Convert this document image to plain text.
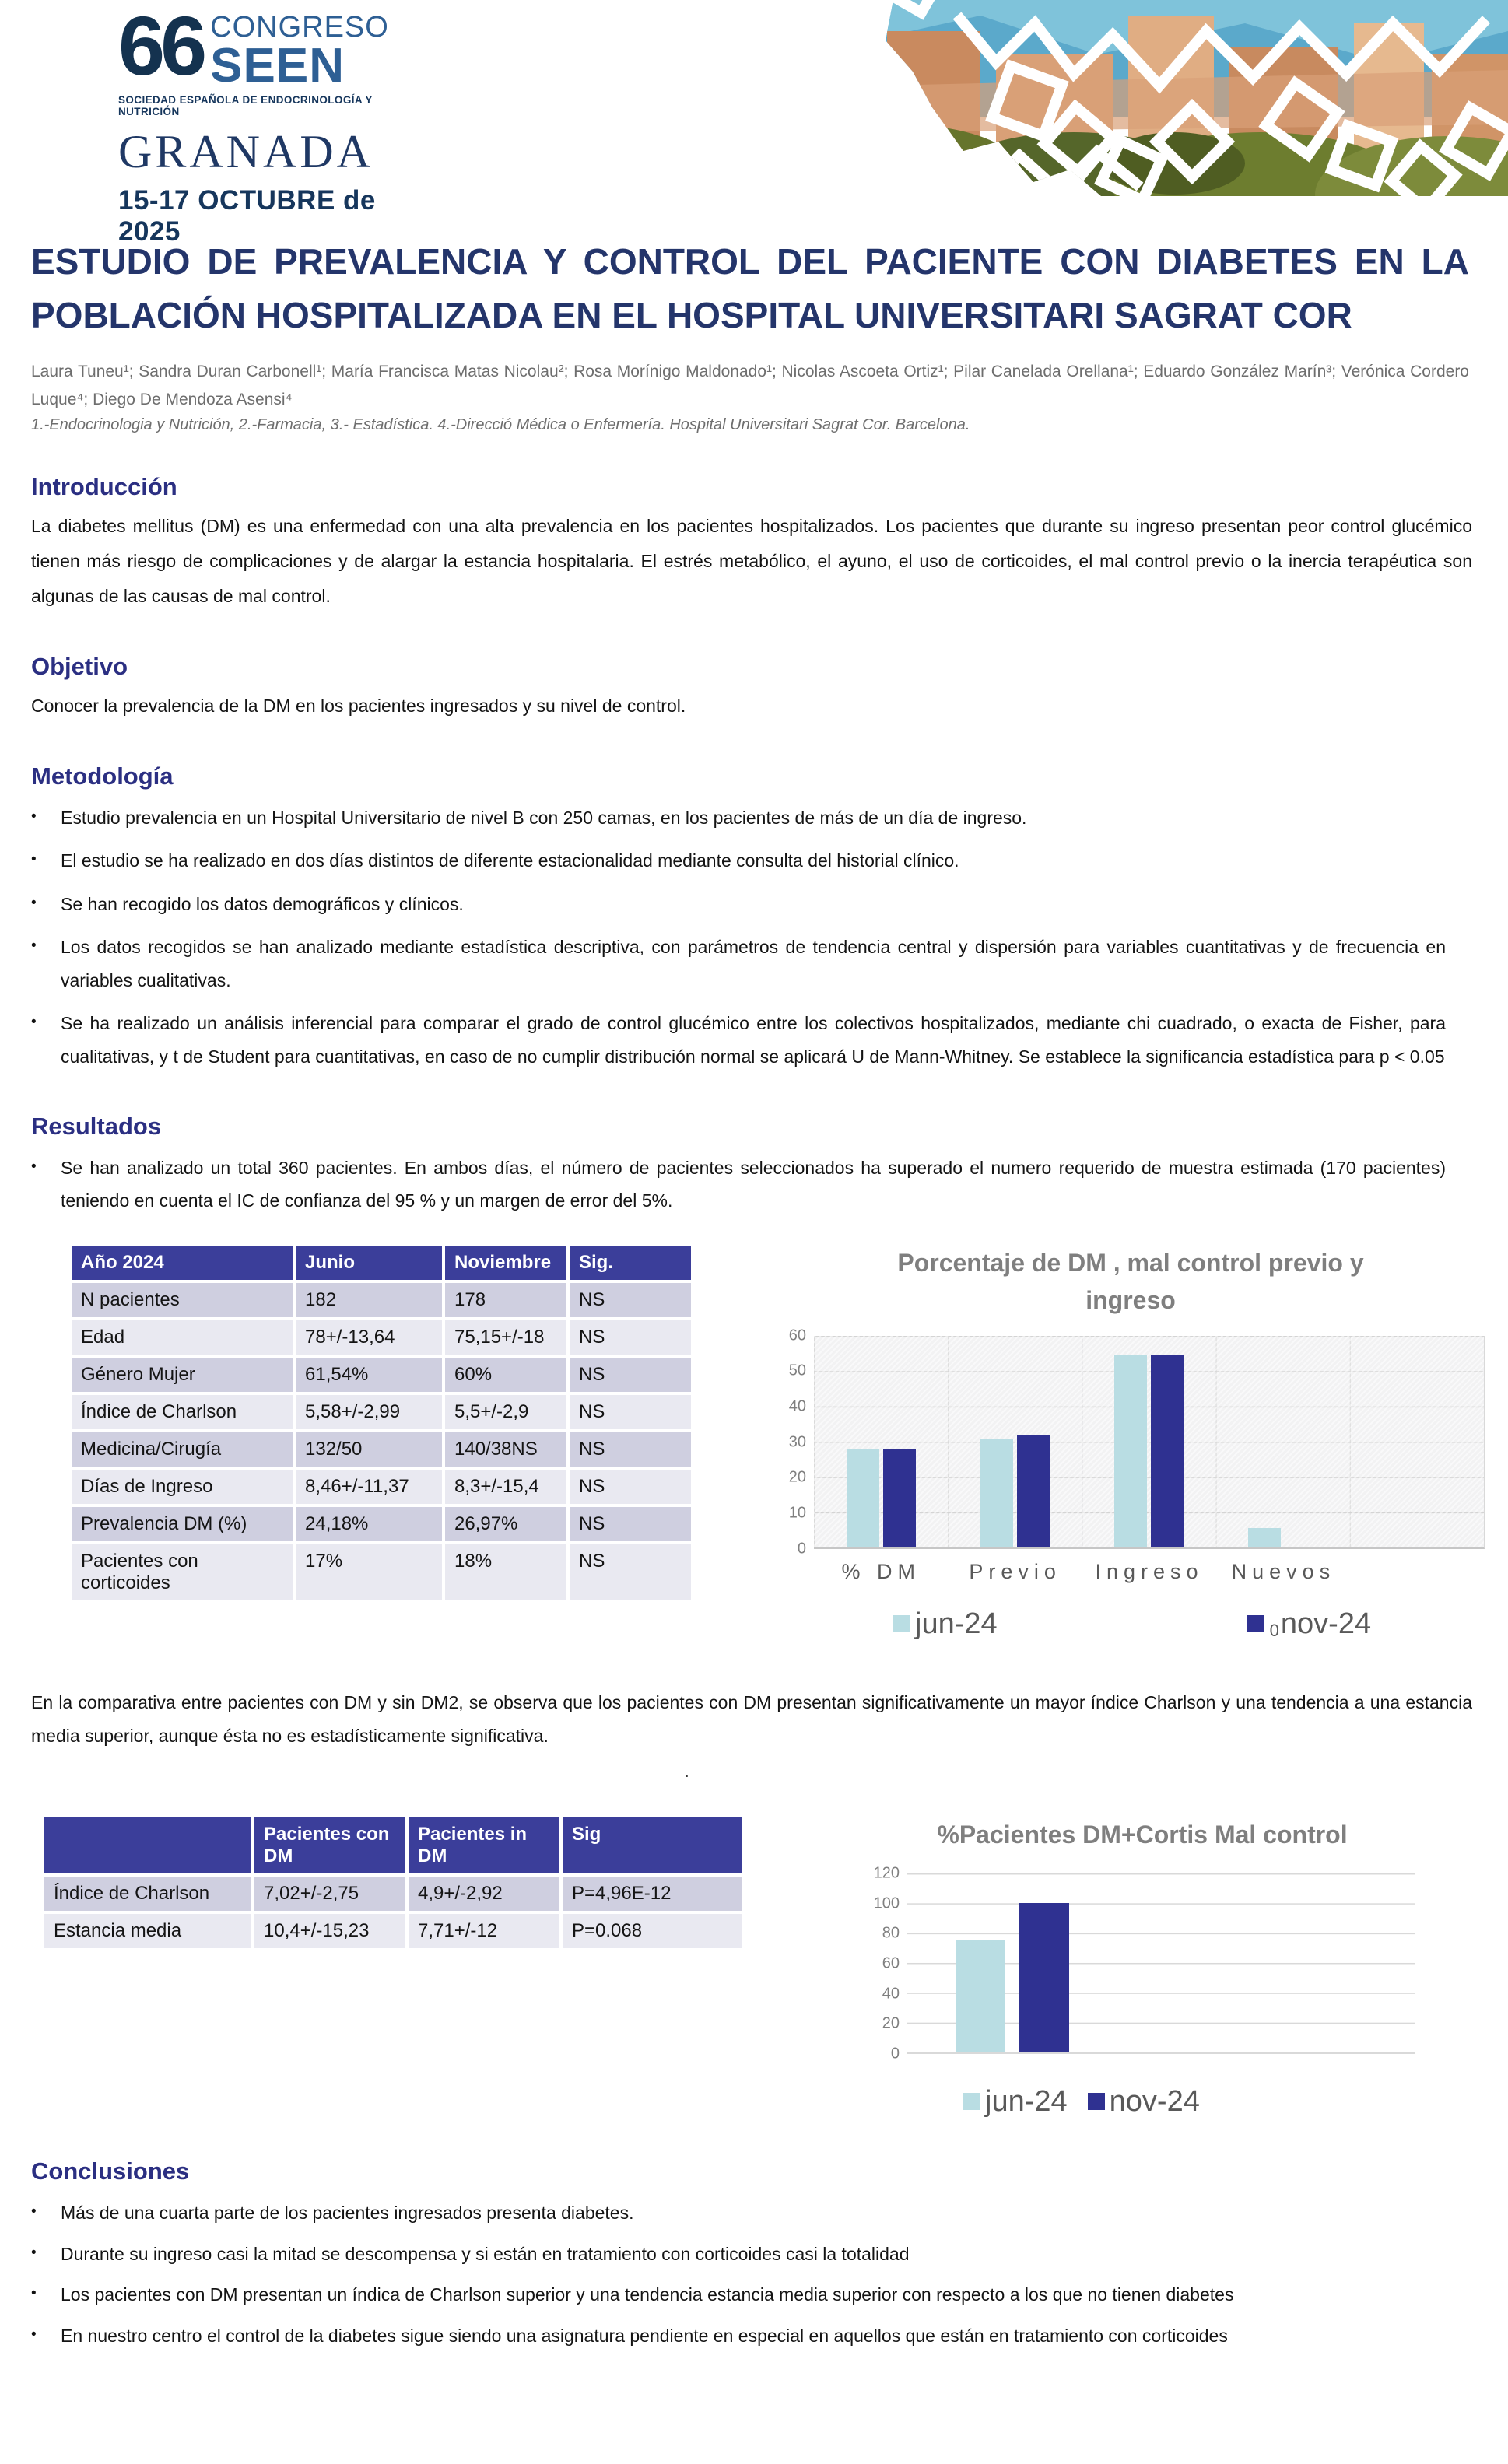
66 CONGRESO
SEEN
SOCIEDAD ESPAÑOLA DE ENDOCRINOLOGÍA Y NUTRICIÓN
GRANADA
15-17 OCTUBRE de 2025
ESTUDIO DE PREVALENCIA Y CONTROL DEL PACIENTE CON DIABETES EN LA POBLACIÓN HOSPITALIZADA EN EL HOSPITAL UNIVERSITARI SAGRAT COR

Laura Tuneu¹; Sandra Duran Carbonell¹; María Francisca Matas Nicolau²; Rosa Morínigo Maldonado¹; Nicolas Ascoeta Ortiz¹; Pilar Canelada Orellana¹; Eduardo González Marín³; Verónica Cordero Luque⁴; Diego De Mendoza Asensi⁴

1.-Endocrinologia y Nutrición, 2.-Farmacia, 3.- Estadística. 4.-Direcció Médica o Enfermería. Hospital Universitari Sagrat Cor. Barcelona.

Introducción

La diabetes mellitus (DM) es una enfermedad con una alta prevalencia en los pacientes hospitalizados. Los pacientes que durante su ingreso presentan peor control glucémico tienen más riesgo de complicaciones y de alargar la estancia hospitalaria. El estrés metabólico, el ayuno, el uso de corticoides, el mal control previo o la inercia terapéutica son algunas de las causas de mal control.

Objetivo

Conocer la prevalencia de la DM en los pacientes ingresados y su nivel de control.

Metodología
• Estudio prevalencia en un Hospital Universitario de nivel B con 250 camas, en los pacientes de más de un día de ingreso.
• El estudio se ha realizado en dos días distintos de diferente estacionalidad mediante consulta del historial clínico.
• Se han recogido los datos demográficos y clínicos.
• Los datos recogidos se han analizado mediante estadística descriptiva, con parámetros de tendencia central y dispersión para variables cuantitativas y de frecuencia en variables cualitativas.
• Se ha realizado un análisis inferencial para comparar el grado de control glucémico entre los colectivos hospitalizados, mediante chi cuadrado, o exacta de Fisher, para cualitativas, y t de Student para cuantitativas, en caso de no cumplir distribución normal se aplicará U de Mann-Whitney. Se establece la significancia estadística para p < 0.05
Resultados
• Se han analizado un total 360 pacientes. En ambos días, el número de pacientes seleccionados ha superado el numero requerido de muestra estimada (170 pacientes) teniendo en cuenta el IC de confianza del 95 % y un margen de error del 5%.
Año 2024	Junio	Noviembre	Sig.
N pacientes	182	178	NS
Edad	78+/-13,64	75,15+/-18	NS
Género Mujer	61,54%	60%	NS
Índice de Charlson	5,58+/-2,99	5,5+/-2,9	NS
Medicina/Cirugía	132/50	140/38NS	NS
Días de Ingreso	8,46+/-11,37	8,3+/-15,4	NS
Prevalencia DM (%)	24,18%	26,97%	NS
Pacientes con corticoides	17%	18%	NS
Porcentaje de DM , mal control previo y ingreso
0
10
20
30
40
50
60
% DM	Previo	Ingreso	Nuevos
jun-24	0 nov-24

En la comparativa entre pacientes con DM y sin DM2, se observa que los pacientes con DM presentan significativamente un mayor índice Charlson y una tendencia a una estancia media superior, aunque ésta no es estadísticamente significativa.

.
	Pacientes con DM	Pacientes in DM	Sig
Índice de Charlson	7,02+/-2,75	4,9+/-2,92	P=4,96E-12
Estancia media	10,4+/-15,23	7,71+/-12	P=0.068
%Pacientes DM+Cortis Mal control
0
20
40
60
80
100
120
jun-24 nov-24
Conclusiones
• Más de una cuarta parte de los pacientes ingresados presenta diabetes.
• Durante su ingreso casi la mitad se descompensa y si están en tratamiento con corticoides casi la totalidad
• Los pacientes con DM presentan un índica de Charlson superior y una tendencia estancia media superior con respecto a los que no tienen diabetes
• En nuestro centro el control de la diabetes sigue siendo una asignatura pendiente en especial en aquellos que están en tratamiento con corticoides
